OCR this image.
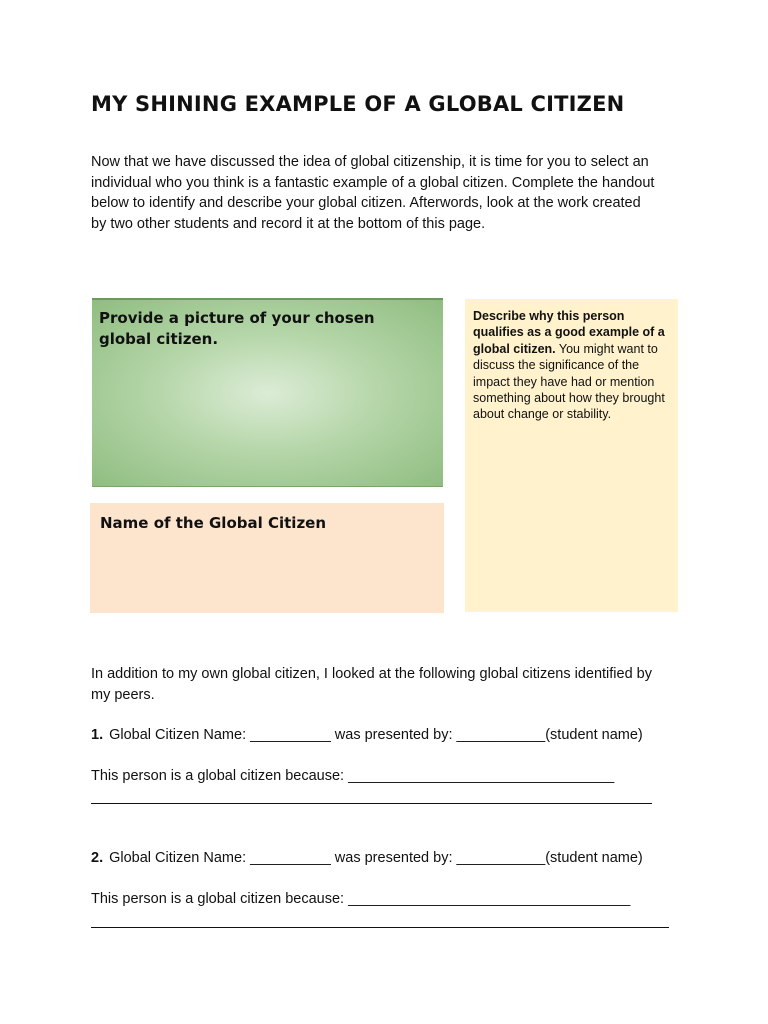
MY SHINING EXAMPLE OF A GLOBAL CITIZEN
Now that we have discussed the idea of global citizenship, it is time for you to select an
individual who you think is a fantastic example of a global citizen. Complete the handout
below to identify and describe your global citizen. Afterwords, look at the work created
by two other students and record it at the bottom of this page.
Provide a picture of your chosen global citizen.
Name of the Global Citizen
Describe why this person qualifies as a good example of a global citizen. You might want to discuss the significance of the impact they have had or mention something about how they brought about change or stability.
In addition to my own global citizen, I looked at the following global citizens identified by
my peers.
1. Global Citizen Name: __________ was presented by: ___________(student name)
This person is a global citizen because: _________________________________
2. Global Citizen Name: __________ was presented by: ___________(student name)
This person is a global citizen because: ___________________________________
